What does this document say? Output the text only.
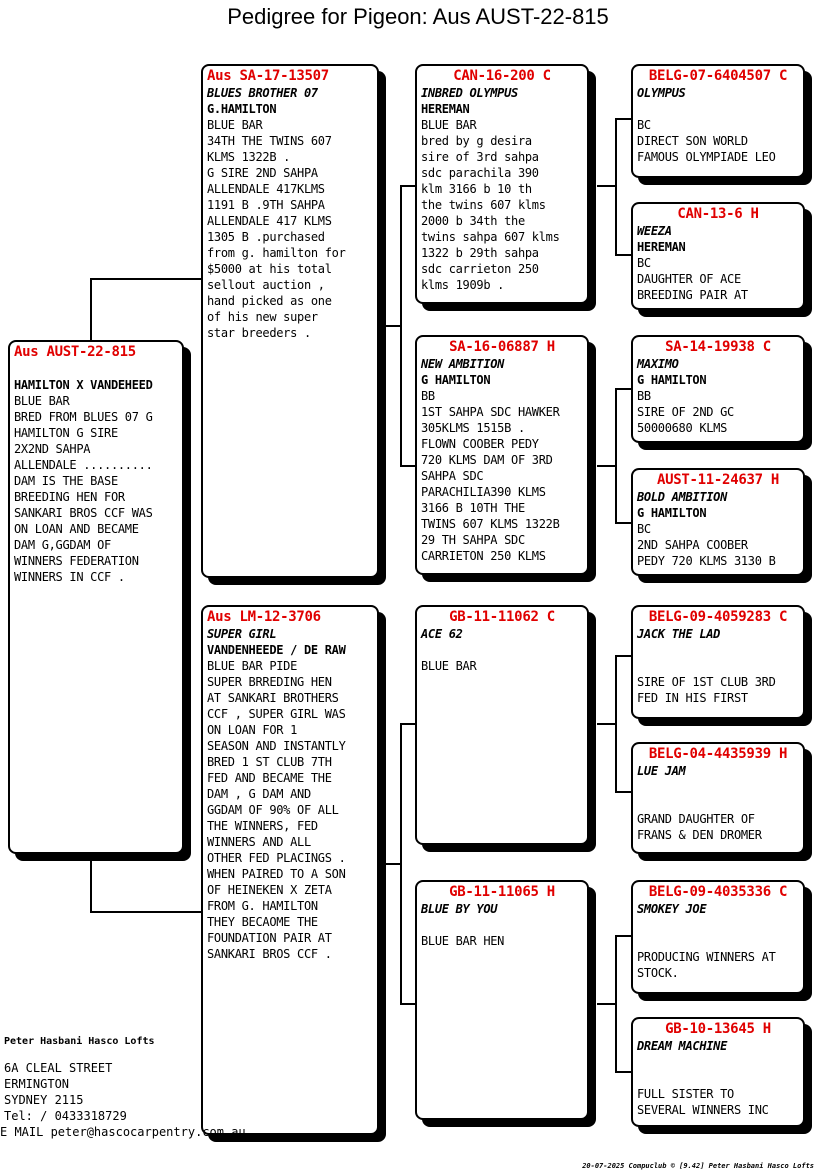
Pedigree for Pigeon: Aus AUST-22-815
Aus AUST-22-815
HAMILTON X VANDEHEED
BLUE BAR
BRED FROM BLUES 07 G
HAMILTON G SIRE
2X2ND SAHPA
ALLENDALE ..........
DAM IS THE BASE
BREEDING HEN FOR
SANKARI BROS CCF WAS
ON LOAN AND BECAME
DAM G,GGDAM OF
WINNERS FEDERATION
WINNERS IN CCF .
Aus SA-17-13507
BLUES BROTHER 07
G.HAMILTON
BLUE BAR
34TH THE TWINS 607
KLMS 1322B .
G SIRE 2ND SAHPA
ALLENDALE 417KLMS
1191 B .9TH SAHPA
ALLENDALE 417 KLMS
1305 B .purchased
from g. hamilton for
$5000 at his total
sellout auction ,
hand picked as one
of his new super
star breeders .
Aus LM-12-3706
SUPER GIRL
VANDENHEEDE / DE RAW
BLUE BAR PIDE
SUPER BRREDING HEN
AT SANKARI BROTHERS
CCF , SUPER GIRL WAS
ON LOAN FOR 1
SEASON AND INSTANTLY
BRED 1 ST CLUB 7TH
FED AND BECAME THE
DAM , G DAM AND
GGDAM OF 90% OF ALL
THE WINNERS, FED
WINNERS AND ALL
OTHER FED PLACINGS .
WHEN PAIRED TO A SON
OF HEINEKEN X ZETA
FROM G. HAMILTON
THEY BECAOME THE
FOUNDATION PAIR AT
SANKARI BROS CCF .
CAN-16-200 C
INBRED OLYMPUS
HEREMAN
BLUE BAR
bred by g desira
sire of 3rd sahpa
sdc parachila 390
klm 3166 b 10 th
the twins 607 klms
2000 b 34th the
twins sahpa 607 klms
1322 b 29th sahpa
sdc carrieton 250
klms 1909b .
SA-16-06887 H
NEW AMBITION
G HAMILTON
BB
1ST SAHPA SDC HAWKER
305KLMS 1515B .
FLOWN COOBER PEDY
720 KLMS DAM OF 3RD
SAHPA SDC
PARACHILIA390 KLMS
3166 B 10TH THE
TWINS 607 KLMS 1322B
29 TH SAHPA SDC
CARRIETON 250 KLMS
GB-11-11062 C
ACE 62
BLUE BAR
GB-11-11065 H
BLUE BY YOU
BLUE BAR HEN
BELG-07-6404507 C
OLYMPUS
BC
DIRECT SON WORLD
FAMOUS OLYMPIADE LEO
CAN-13-6 H
WEEZA
HEREMAN
BC
DAUGHTER OF ACE
BREEDING PAIR AT
SA-14-19938 C
MAXIMO
G HAMILTON
BB
SIRE OF 2ND GC
50000680 KLMS
AUST-11-24637 H
BOLD AMBITION
G HAMILTON
BC
2ND SAHPA COOBER
PEDY 720 KLMS 3130 B
BELG-09-4059283 C
JACK THE LAD
SIRE OF 1ST CLUB 3RD
FED IN HIS FIRST
BELG-04-4435939 H
LUE JAM
GRAND DAUGHTER OF
FRANS & DEN DROMER
BELG-09-4035336 C
SMOKEY JOE
PRODUCING WINNERS AT
STOCK.
GB-10-13645 H
DREAM MACHINE
FULL SISTER TO
SEVERAL WINNERS INC
Peter Hasbani Hasco Lofts
6A CLEAL STREET
ERMINGTON
SYDNEY 2115
Tel: / 0433318729
E MAIL peter@hascocarpentry.com.au
20-07-2025 Compuclub © [9.42] Peter Hasbani Hasco Lofts
